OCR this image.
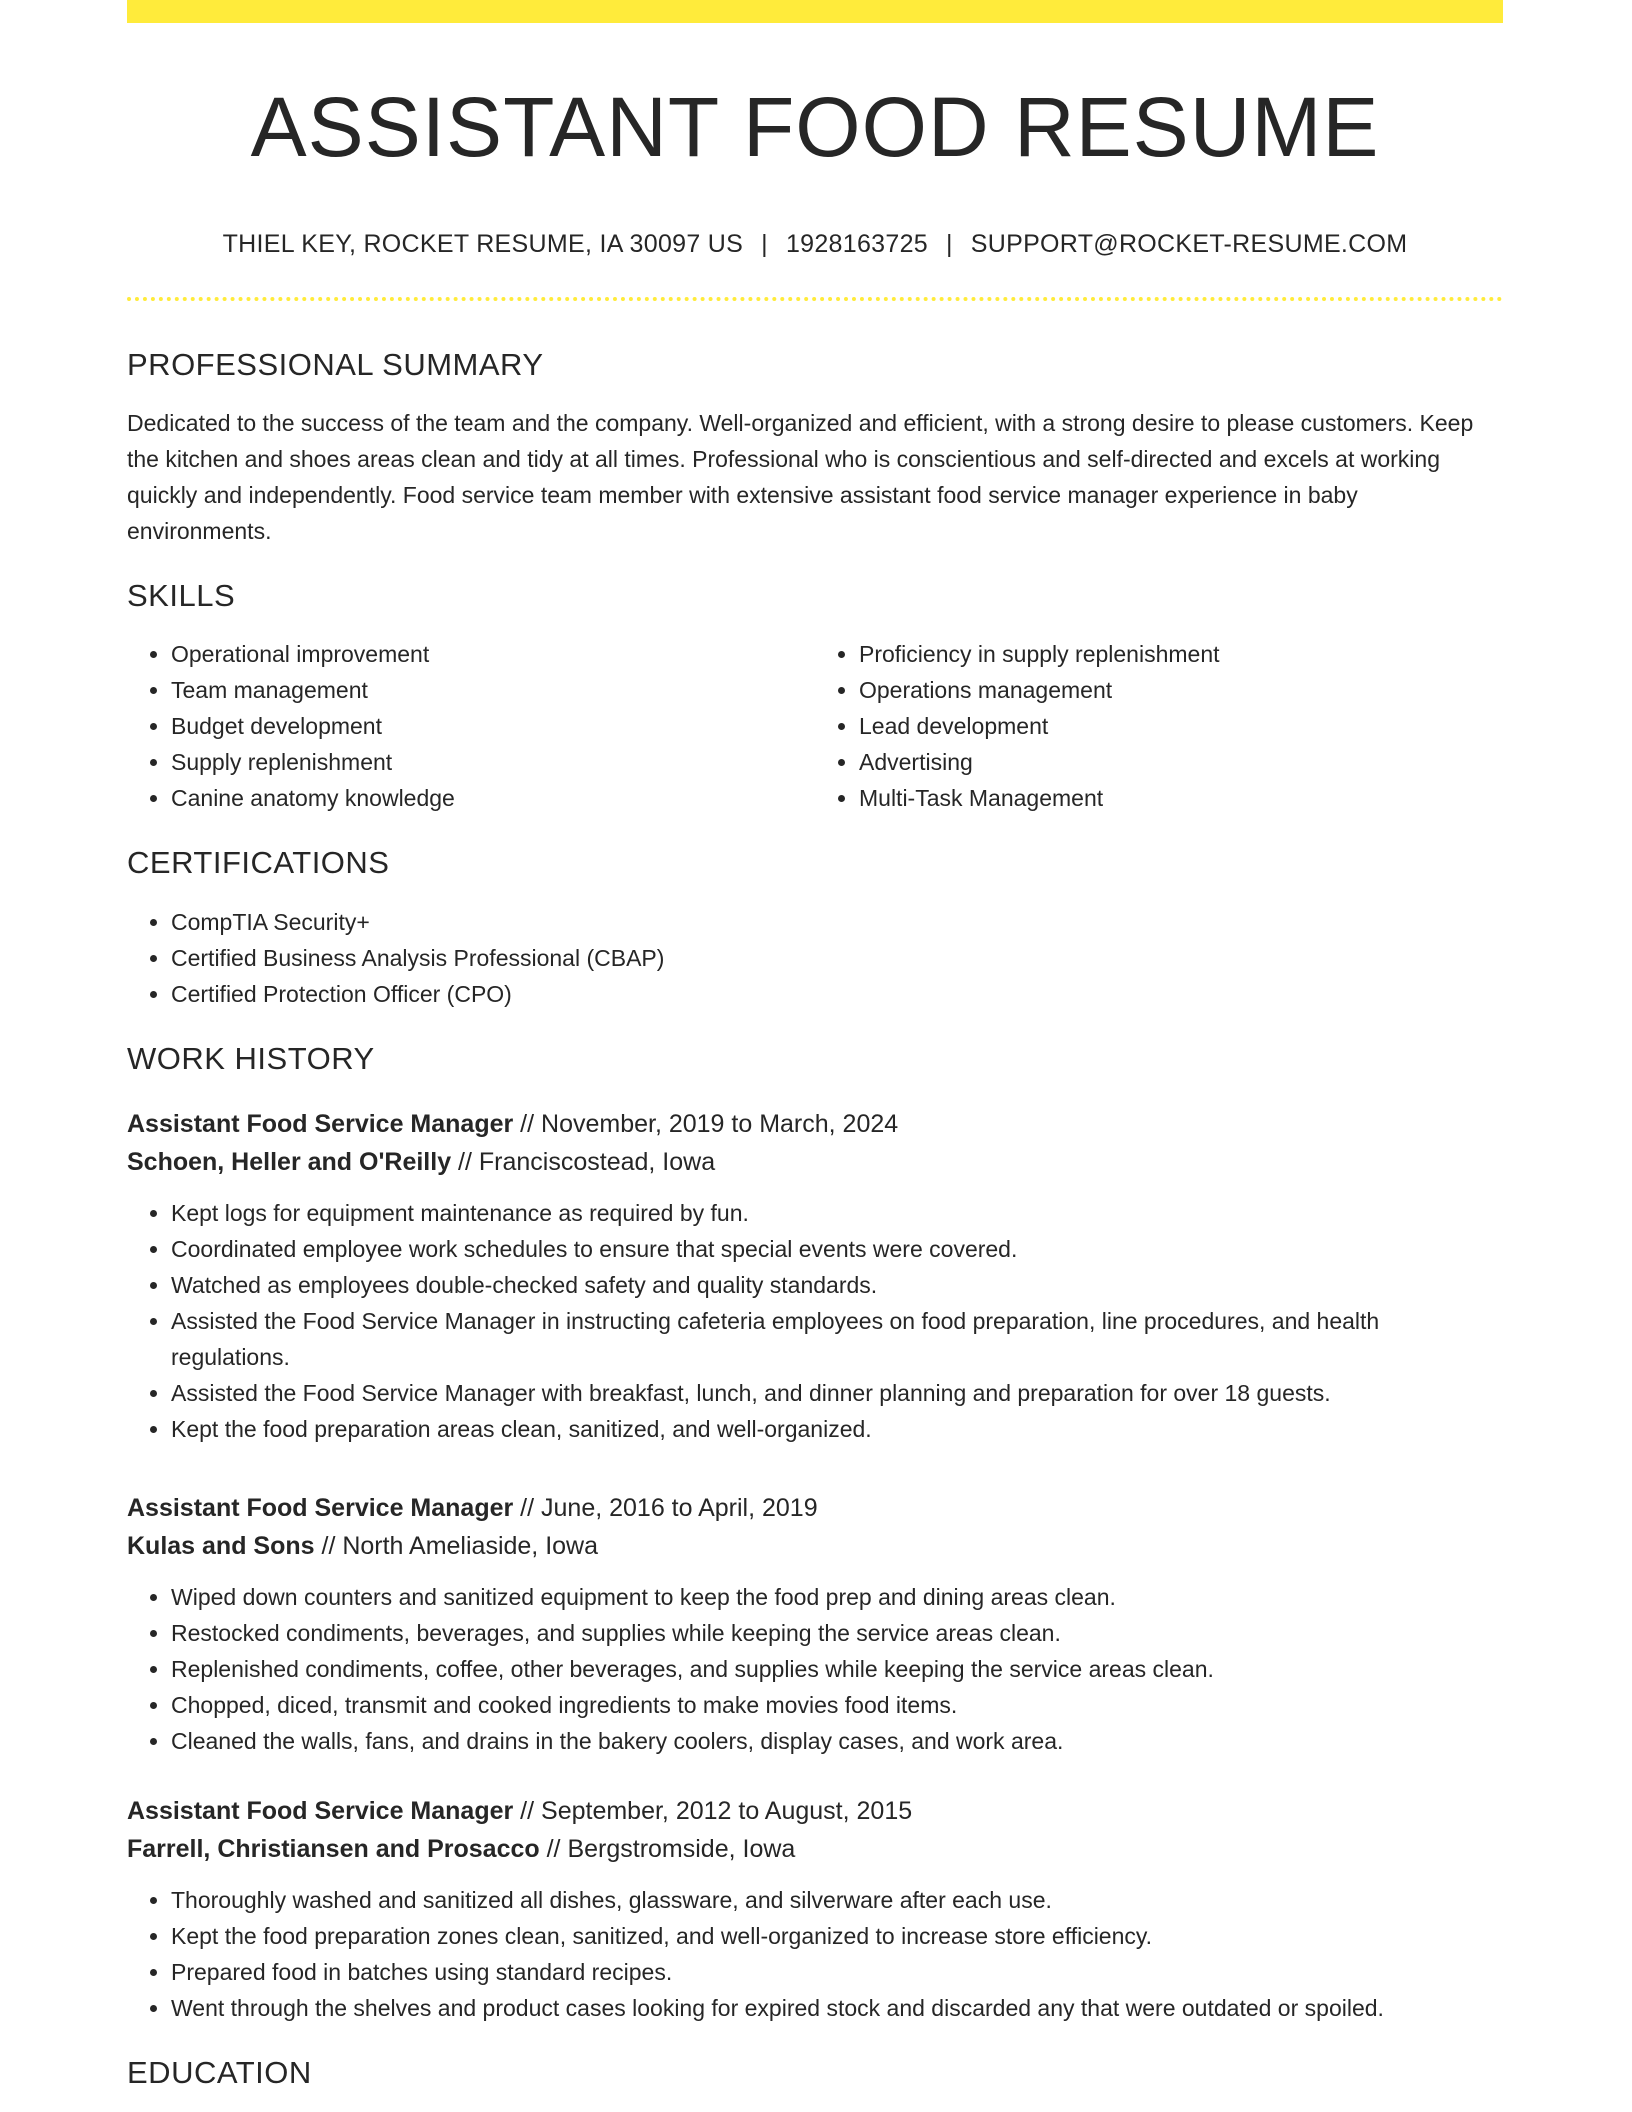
ASSISTANT FOOD RESUME
THIEL KEY, ROCKET RESUME, IA 30097 US | 1928163725 | SUPPORT@ROCKET-RESUME.COM
PROFESSIONAL SUMMARY

Dedicated to the success of the team and the company. Well-organized and efficient, with a strong desire to please customers. Keep the kitchen and shoes areas clean and tidy at all times. Professional who is conscientious and self-directed and excels at working quickly and independently. Food service team member with extensive assistant food service manager experience in baby environments.

SKILLS
• Operational improvement
• Team management
• Budget development
• Supply replenishment
• Canine anatomy knowledge
• Proficiency in supply replenishment
• Operations management
• Lead development
• Advertising
• Multi-Task Management
CERTIFICATIONS
• CompTIA Security+
• Certified Business Analysis Professional (CBAP)
• Certified Protection Officer (CPO)
WORK HISTORY
Assistant Food Service Manager // November, 2019 to March, 2024
Schoen, Heller and O'Reilly // Franciscostead, Iowa
• Kept logs for equipment maintenance as required by fun.
• Coordinated employee work schedules to ensure that special events were covered.
• Watched as employees double-checked safety and quality standards.
• Assisted the Food Service Manager in instructing cafeteria employees on food preparation, line procedures, and health regulations.
• Assisted the Food Service Manager with breakfast, lunch, and dinner planning and preparation for over 18 guests.
• Kept the food preparation areas clean, sanitized, and well-organized.
Assistant Food Service Manager // June, 2016 to April, 2019
Kulas and Sons // North Ameliaside, Iowa
• Wiped down counters and sanitized equipment to keep the food prep and dining areas clean.
• Restocked condiments, beverages, and supplies while keeping the service areas clean.
• Replenished condiments, coffee, other beverages, and supplies while keeping the service areas clean.
• Chopped, diced, transmit and cooked ingredients to make movies food items.
• Cleaned the walls, fans, and drains in the bakery coolers, display cases, and work area.
Assistant Food Service Manager // September, 2012 to August, 2015
Farrell, Christiansen and Prosacco // Bergstromside, Iowa
• Thoroughly washed and sanitized all dishes, glassware, and silverware after each use.
• Kept the food preparation zones clean, sanitized, and well-organized to increase store efficiency.
• Prepared food in batches using standard recipes.
• Went through the shelves and product cases looking for expired stock and discarded any that were outdated or spoiled.
EDUCATION
